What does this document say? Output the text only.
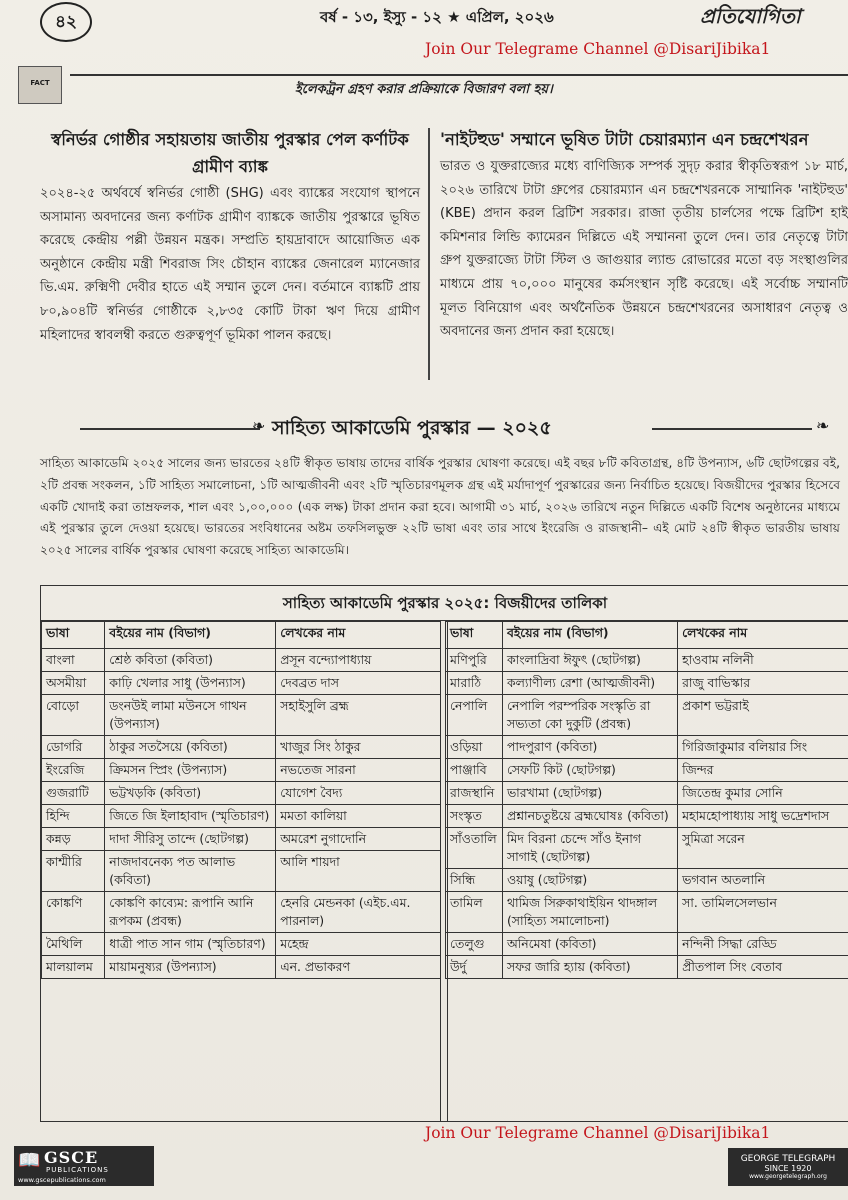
৪২	বর্ষ - ১৩, ইস্যু - ১২ ★ এপ্রিল, ২০২৬	প্রতিযোগিতা
Join Our Telegrame Channel @DisariJibika1
FACT	ইলেকট্রন গ্রহণ করার প্রক্রিয়াকে বিজারণ বলা হয়।
স্বনির্ভর গোষ্ঠীর সহায়তায় জাতীয় পুরস্কার পেল কর্ণাটক গ্রামীণ ব্যাঙ্ক

২০২৪-২৫ অর্থবর্ষে স্বনির্ভর গোষ্ঠী (SHG) এবং ব্যাঙ্কের সংযোগ স্থাপনে অসামান্য অবদানের জন্য কর্ণাটক গ্রামীণ ব্যাঙ্ককে জাতীয় পুরস্কারে ভূষিত করেছে কেন্দ্রীয় পল্লী উন্নয়ন মন্ত্রক। সম্প্রতি হায়দ্রাবাদে আয়োজিত এক অনুষ্ঠানে কেন্দ্রীয় মন্ত্রী শিবরাজ সিং চৌহান ব্যাঙ্কের জেনারেল ম্যানেজার ভি.এম. রুক্মিণী দেবীর হাতে এই সম্মান তুলে দেন। বর্তমানে ব্যাঙ্কটি প্রায় ৮০,৯০৪টি স্বনির্ভর গোষ্ঠীকে ২,৮৩৫ কোটি টাকা ঋণ দিয়ে গ্রামীণ মহিলাদের স্বাবলম্বী করতে গুরুত্বপূর্ণ ভূমিকা পালন করছে।

'নাইটহুড' সম্মানে ভূষিত টাটা চেয়ারম্যান এন চন্দ্রশেখরন

ভারত ও যুক্তরাজ্যের মধ্যে বাণিজ্যিক সম্পর্ক সুদৃঢ় করার স্বীকৃতিস্বরূপ ১৮ মার্চ, ২০২৬ তারিখে টাটা গ্রুপের চেয়ারম্যান এন চন্দ্রশেখরনকে সাম্মানিক 'নাইটহুড' (KBE) প্রদান করল ব্রিটিশ সরকার। রাজা তৃতীয় চার্লসের পক্ষে ব্রিটিশ হাই কমিশনার লিন্ডি ক্যামেরন দিল্লিতে এই সম্মাননা তুলে দেন। তার নেতৃত্বে টাটা গ্রুপ যুক্তরাজ্যে টাটা স্টিল ও জাগুয়ার ল্যান্ড রোভারের মতো বড় সংস্থাগুলির মাধ্যমে প্রায় ৭০,০০০ মানুষের কর্মসংস্থান সৃষ্টি করেছে। এই সর্বোচ্চ সম্মানটি মূলত বিনিয়োগ এবং অর্থনৈতিক উন্নয়নে চন্দ্রশেখরনের অসাধারণ নেতৃত্ব ও অবদানের জন্য প্রদান করা হয়েছে।

❧ সাহিত্য আকাডেমি পুরস্কার — ২০২৫	❧

সাহিত্য আকাডেমি ২০২৫ সালের জন্য ভারতের ২৪টি স্বীকৃত ভাষায় তাদের বার্ষিক পুরস্কার ঘোষণা করেছে। এই বছর ৮টি কবিতাগ্রন্থ, ৪টি উপন্যাস, ৬টি ছোটগল্পের বই, ২টি প্রবন্ধ সংকলন, ১টি সাহিত্য সমালোচনা, ১টি আত্মজীবনী এবং ২টি স্মৃতিচারণমূলক গ্রন্থ এই মর্যাদাপূর্ণ পুরস্কারের জন্য নির্বাচিত হয়েছে। বিজয়ীদের পুরস্কার হিসেবে একটি খোদাই করা তাম্রফলক, শাল এবং ১,০০,০০০ (এক লক্ষ) টাকা প্রদান করা হবে। আগামী ৩১ মার্চ, ২০২৬ তারিখে নতুন দিল্লিতে একটি বিশেষ অনুষ্ঠানের মাধ্যমে এই পুরস্কার তুলে দেওয়া হয়েছে। ভারতের সংবিধানের অষ্টম তফসিলভুক্ত ২২টি ভাষা এবং তার সাথে ইংরেজি ও রাজস্থানী– এই মোট ২৪টি স্বীকৃত ভারতীয় ভাষায় ২০২৫ সালের বার্ষিক পুরস্কার ঘোষণা করেছে সাহিত্য আকাডেমি।

সাহিত্য আকাডেমি পুরস্কার ২০২৫: বিজয়ীদের তালিকা
ভাষা	বইয়ের নাম (বিভাগ)	লেখকের নাম
বাংলা	শ্রেষ্ঠ কবিতা (কবিতা)	প্রসূন বন্দ্যোপাধ্যায়
অসমীয়া	কাঢ়ি খেলার সাধু (উপন্যাস)	দেবব্রত দাস
বোড়ো	ডংনউই লামা মউনসে গাথন (উপন্যাস)	সহাইসুলি ব্রহ্ম
ডোগরি	ঠাকুর সতসৈয়ে (কবিতা)	খাজুর সিং ঠাকুর
ইংরেজি	ক্রিমসন স্প্রিং (উপন্যাস)	নভতেজ সারনা
গুজরাটি	ভট্টখড়কি (কবিতা)	যোগেশ বৈদ্য
হিন্দি	জিতে জি ইলাহাবাদ (স্মৃতিচারণ)	মমতা কালিয়া
কন্নড়	দাদা সীরিসু তান্দে (ছোটগল্প)	অমরেশ নুগাদোনি
কাশ্মীরি	নাজদাবনেক্য পত আলাভ (কবিতা)	আলি শায়দা
কোঙ্কণি	কোঙ্কণি কাব্যেম: রূপানি আনি রূপকম (প্রবন্ধ)	হেনরি মেন্ডনকা (এইচ.এম. পারনাল)
মৈথিলি	ধাত্রী পাত সান গাম (স্মৃতিচারণ)	মহেন্দ্র
মালয়ালম	মায়ামনুষ্যর (উপন্যাস)	এন. প্রভাকরণ
ভাষা	বইয়ের নাম (বিভাগ)	লেখকের নাম
মণিপুরি	কাংলাদ্রিবা ঈফুৎ (ছোটগল্প)	হাওবাম নলিনী
মারাঠি	কল্যাণীল্য রেশা (আত্মজীবনী)	রাজু বাভিস্কার
নেপালি	নেপালি পরম্পরিক সংস্কৃতি রা সভ্যতা কো দুকুটি (প্রবন্ধ)	প্রকাশ ভট্টরাই
ওড়িয়া	পাদপুরাণ (কবিতা)	গিরিজাকুমার বলিয়ার সিং
পাঞ্জাবি	সেফটি কিট (ছোটগল্প)	জিন্দর
রাজস্থানি	ভারখামা (ছোটগল্প)	জিতেন্দ্র কুমার সোনি
সংস্কৃত	প্রশ্নানচতুষ্টয়ে ব্রহ্মঘোষঃ (কবিতা)	মহামহোপাধ্যায় সাধু ভদ্রেশদাস
সাঁওতালি	মিদ বিরনা চেন্দে সাঁও ইনাগ সাগাই (ছোটগল্প)	সুমিত্রা সরেন
সিন্ধি	ওয়াষু (ছোটগল্প)	ভগবান অতলানি
তামিল	থামিজ সিরুকাথাইয়িন থাদঙ্গাল (সাহিত্য সমালোচনা)	সা. তামিলসেলভান
তেলুগু	অনিমেষা (কবিতা)	নন্দিনী সিদ্ধা রেড্ডি
উর্দু	সফর জারি হ্যায় (কবিতা)	প্রীতপাল সিং বেতাব
Join Our Telegrame Channel @DisariJibika1
📖 GSCE
PUBLICATIONS
www.gscepublications.com
GEORGE TELEGRAPH
SINCE 1920
www.georgetelegraph.org
